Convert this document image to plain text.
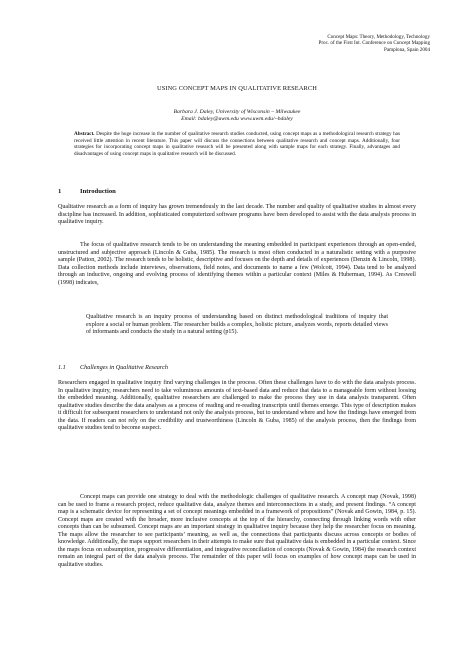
Concept Maps: Theory, Methodology, Technology
Proc. of the First Int. Conference on Concept Mapping
Pamplona, Spain 2004
USING CONCEPT MAPS IN QUALITATIVE RESEARCH
Barbara J. Daley, University of Wisconsin – Milwaukee
Email: bdaley@uwm.edu www.uwm.edu/~bdaley
Abstract. Despite the huge increase in the number of qualitative research studies conducted, using concept maps as a methodological research strategy has received little attention in recent literature. This paper will discuss the connections between qualitative research and concept maps. Additionally, four strategies for incorporating concept maps in qualitative research will be presented along with sample maps for each strategy. Finally, advantages and disadvantages of using concept maps in qualitative research will be discussed.
1	Introduction
Qualitative research as a form of inquiry has grown tremendously in the last decade. The number and quality of qualitative studies in almost every discipline has increased. In addition, sophisticated computerized software programs have been developed to assist with the data analysis process in qualitative inquiry.
The focus of qualitative research tends to be on understanding the meaning embedded in participant experiences through an open-ended, unstructured and subjective approach (Lincoln & Guba, 1985). The research is most often conducted in a naturalistic setting with a purposive sample (Patton, 2002). The research tends to be holistic, descriptive and focuses on the depth and details of experiences (Denzin & Lincoln, 1998). Data collection methods include interviews, observations, field notes, and documents to name a few (Wolcott, 1994). Data tend to be analyzed through an inductive, ongoing and evolving process of identifying themes within a particular context (Miles & Huberman, 1994). As Creswell (1998) indicates,
Qualitative research is an inquiry process of understanding based on distinct methodological traditions of inquiry that explore a social or human problem. The researcher builds a complex, holistic picture, analyzes words, reports detailed views of informants and conducts the study in a natural setting (p15).
1.1 Challenges in Qualitative Research
Researchers engaged in qualitative inquiry find varying challenges in the process. Often these challenges have to do with the data analysis process. In qualitative inquiry, researchers need to take voluminous amounts of text-based data and reduce that data to a manageable form without loosing the embedded meaning. Additionally, qualitative researchers are challenged to make the process they use in data analysis transparent. Often qualitative studies describe the data analyses as a process of reading and re-reading transcripts until themes emerge. This type of description makes it difficult for subsequent researchers to understand not only the analysis process, but to understand where and how the findings have emerged from the data. If readers can not rely on the credibility and trustworthiness (Lincoln & Guba, 1985) of the analysis process, then the findings from qualitative studies tend to become suspect.
Concept maps can provide one strategy to deal with the methodologic challenges of qualitative research. A concept map (Novak, 1998) can be used to frame a research project, reduce qualitative data, analyze themes and interconnections in a study, and present findings. “A concept map is a schematic device for representing a set of concept meanings embedded in a framework of propositions” (Novak and Gowin, 1984, p. 15). Concept maps are created with the broader, more inclusive concepts at the top of the hierarchy, connecting through linking words with other concepts than can be subsumed. Concept maps are an important strategy in qualitative inquiry because they help the researcher focus on meaning. The maps allow the researcher to see participants’ meaning, as well as, the connections that participants discuss across concepts or bodies of knowledge. Additionally, the maps support researchers in their attempts to make sure that qualitative data is embedded in a particular context. Since the maps focus on subsumption, progressive differentiation, and integrative reconciliation of concepts (Novak & Gowin, 1984) the research context remain an integral part of the data analysis process. The remainder of this paper will focus on examples of how concept maps can be used in qualitative studies.
